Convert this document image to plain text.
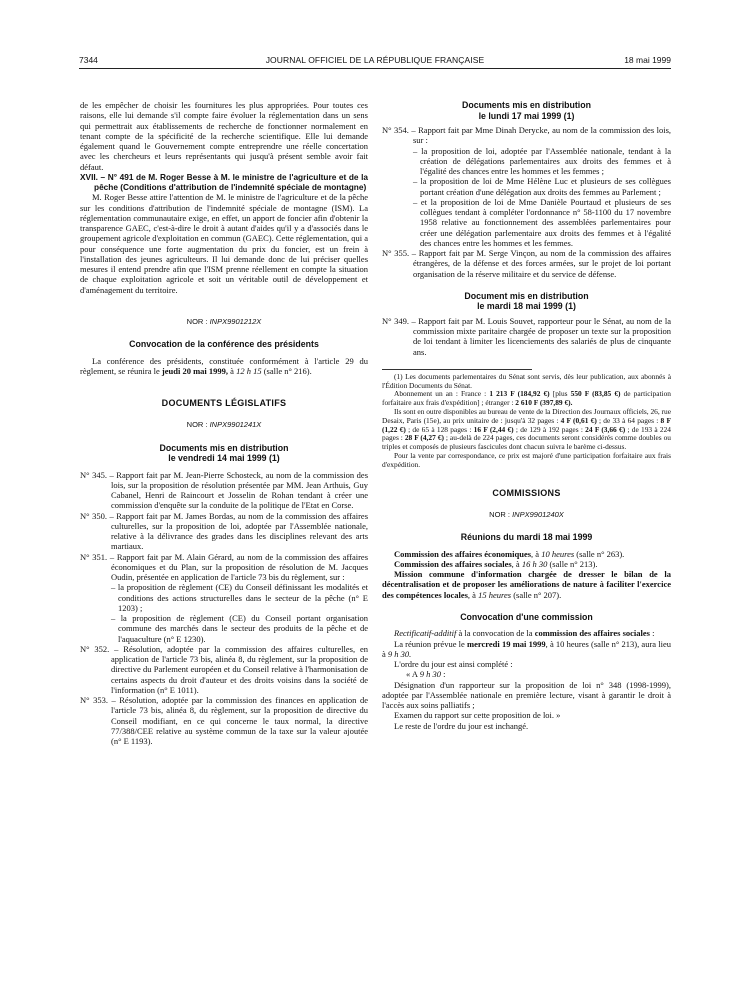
7344	JOURNAL OFFICIEL DE LA RÉPUBLIQUE FRANÇAISE	18 mai 1999

de les empêcher de choisir les fournitures les plus appropriées. Pour toutes ces raisons, elle lui demande s'il compte faire évoluer la réglementation dans un sens qui permettrait aux établissements de recherche de fonctionner normalement en tenant compte de la spécificité de la recherche scientifique. Elle lui demande également quand le Gouvernement compte entreprendre une réelle concertation avec les chercheurs et leurs représentants qui jusqu'à présent semble avoir fait défaut.

XVII. – N° 491 de M. Roger Besse à M. le ministre de l'agriculture et de la pêche (Conditions d'attribution de l'indemnité spéciale de montagne)

M. Roger Besse attire l'attention de M. le ministre de l'agriculture et de la pêche sur les conditions d'attribution de l'indemnité spéciale de montagne (ISM). La réglementation communautaire exige, en effet, un apport de foncier afin d'obtenir la transparence GAEC, c'est-à-dire le droit à autant d'aides qu'il y a d'associés dans le groupement agricole d'exploitation en commun (GAEC). Cette réglementation, qui a pour conséquence une forte augmentation du prix du foncier, est un frein à l'installation des jeunes agriculteurs. Il lui demande donc de lui préciser quelles mesures il entend prendre afin que l'ISM prenne réellement en compte la situation de chaque exploitation agricole et soit un véritable outil de développement et d'aménagement du territoire.

NOR : INPX9901212X

Convocation de la conférence des présidents

La conférence des présidents, constituée conformément à l'article 29 du règlement, se réunira le jeudi 20 mai 1999, à 12 h 15 (salle n° 216).

DOCUMENTS LÉGISLATIFS

NOR : INPX9901241X

Documents mis en distribution

le vendredi 14 mai 1999 (1)

N° 345. – Rapport fait par M. Jean-Pierre Schosteck, au nom de la commission des lois, sur la proposition de résolution présentée par MM. Jean Arthuis, Guy Cabanel, Henri de Raincourt et Josselin de Rohan tendant à créer une commission d'enquête sur la conduite de la politique de l'Etat en Corse.

N° 350. – Rapport fait par M. James Bordas, au nom de la commission des affaires culturelles, sur la proposition de loi, adoptée par l'Assemblée nationale, relative à la délivrance des grades dans les disciplines relevant des arts martiaux.

N° 351. – Rapport fait par M. Alain Gérard, au nom de la commission des affaires économiques et du Plan, sur la proposition de résolution de M. Jacques Oudin, présentée en application de l'article 73 bis du règlement, sur :

– la proposition de règlement (CE) du Conseil définissant les modalités et conditions des actions structurelles dans le secteur de la pêche (n° E 1203) ;

– la proposition de règlement (CE) du Conseil portant organisation commune des marchés dans le secteur des produits de la pêche et de l'aquaculture (n° E 1230).

N° 352. – Résolution, adoptée par la commission des affaires culturelles, en application de l'article 73 bis, alinéa 8, du règlement, sur la proposition de directive du Parlement européen et du Conseil relative à l'harmonisation de certains aspects du droit d'auteur et des droits voisins dans la société de l'information (n° E 1011).

N° 353. – Résolution, adoptée par la commission des finances en application de l'article 73 bis, alinéa 8, du règlement, sur la proposition de directive du Conseil modifiant, en ce qui concerne le taux normal, la directive 77/388/CEE relative au système commun de la taxe sur la valeur ajoutée (n° E 1193).

Documents mis en distribution

le lundi 17 mai 1999 (1)

N° 354. – Rapport fait par Mme Dinah Derycke, au nom de la commission des lois, sur :

– la proposition de loi, adoptée par l'Assemblée nationale, tendant à la création de délégations parlementaires aux droits des femmes et à l'égalité des chances entre les hommes et les femmes ;

– la proposition de loi de Mme Hélène Luc et plusieurs de ses collègues portant création d'une délégation aux droits des femmes au Parlement ;

– et la proposition de loi de Mme Danièle Pourtaud et plusieurs de ses collègues tendant à compléter l'ordonnance n° 58-1100 du 17 novembre 1958 relative au fonctionnement des assemblées parlementaires pour créer une délégation parlementaire aux droits des femmes et à l'égalité des chances entre les hommes et les femmes.

N° 355. – Rapport fait par M. Serge Vinçon, au nom de la commission des affaires étrangères, de la défense et des forces armées, sur le projet de loi portant organisation de la réserve militaire et du service de défense.

Document mis en distribution

le mardi 18 mai 1999 (1)

N° 349. – Rapport fait par M. Louis Souvet, rapporteur pour le Sénat, au nom de la commission mixte paritaire chargée de proposer un texte sur la proposition de loi tendant à limiter les licenciements des salariés de plus de cinquante ans.

(1) Les documents parlementaires du Sénat sont servis, dès leur publication, aux abonnés à l'Édition Documents du Sénat.

Abonnement un an : France : 1 213 F (184,92 €) [plus 550 F (83,85 €) de participation forfaitaire aux frais d'expédition] ; étranger : 2 610 F (397,89 €).

Ils sont en outre disponibles au bureau de vente de la Direction des Journaux officiels, 26, rue Desaix, Paris (15e), au prix unitaire de : jusqu'à 32 pages : 4 F (0,61 €) ; de 33 à 64 pages : 8 F (1,22 €) ; de 65 à 128 pages : 16 F (2,44 €) ; de 129 à 192 pages : 24 F (3,66 €) ; de 193 à 224 pages : 28 F (4,27 €) ; au-delà de 224 pages, ces documents seront considérés comme doubles ou triples et composés de plusieurs fascicules dont chacun suivra le barème ci-dessus.

Pour la vente par correspondance, ce prix est majoré d'une participation forfaitaire aux frais d'expédition.

COMMISSIONS

NOR : INPX9901240X

Réunions du mardi 18 mai 1999

Commission des affaires économiques, à 10 heures (salle n° 263).

Commission des affaires sociales, à 16 h 30 (salle n° 213).

Mission commune d'information chargée de dresser le bilan de la décentralisation et de proposer les améliorations de nature à faciliter l'exercice des compétences locales, à 15 heures (salle n° 207).

Convocation d'une commission

Rectificatif-additif à la convocation de la commission des affaires sociales :

La réunion prévue le mercredi 19 mai 1999, à 10 heures (salle n° 213), aura lieu à 9 h 30.

L'ordre du jour est ainsi complété :

« A 9 h 30 :

Désignation d'un rapporteur sur la proposition de loi n° 348 (1998-1999), adoptée par l'Assemblée nationale en première lecture, visant à garantir le droit à l'accès aux soins palliatifs ;

Examen du rapport sur cette proposition de loi. »

Le reste de l'ordre du jour est inchangé.
